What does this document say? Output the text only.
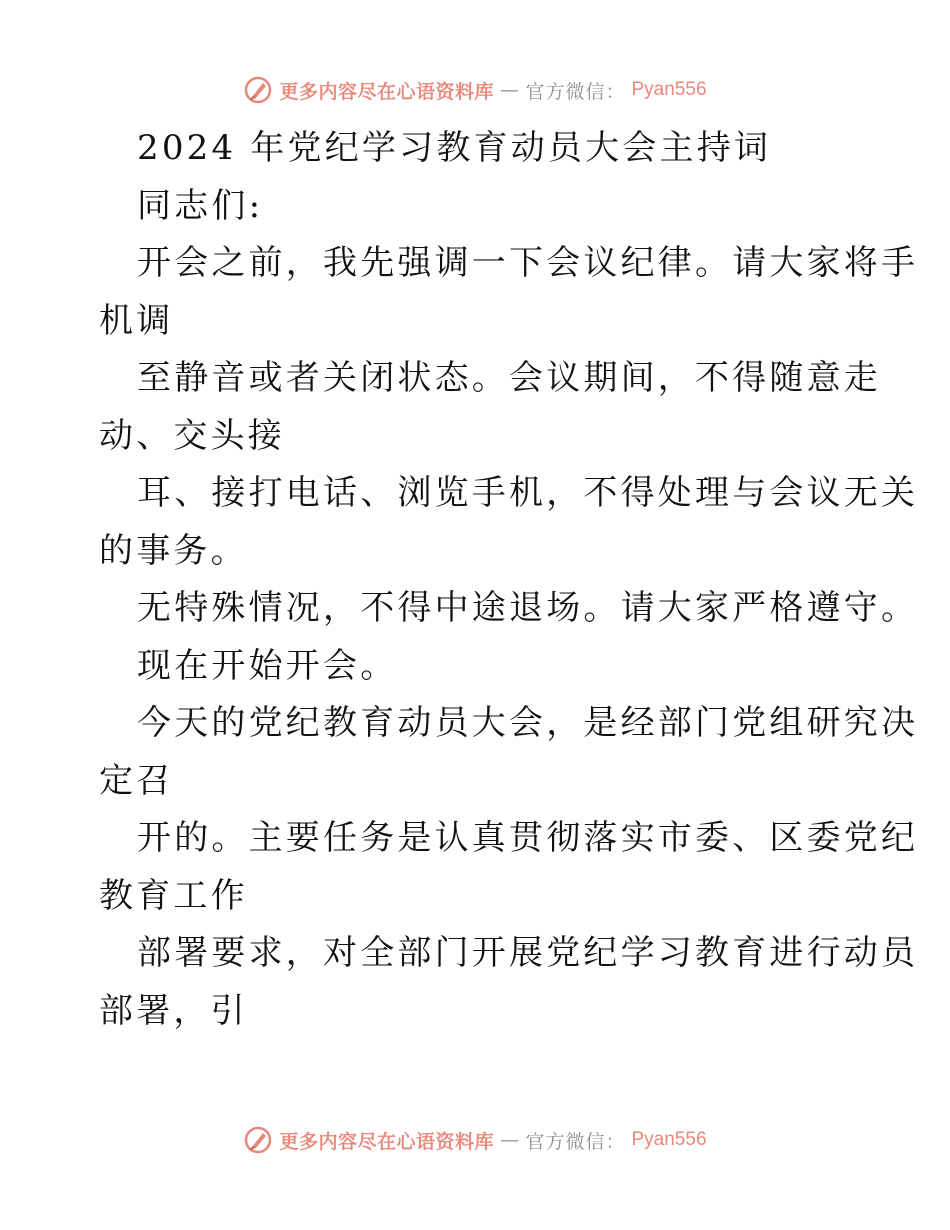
更多内容尽在心语资料库 — 官方微信： Pyan556
2024 年党纪学习教育动员大会主持词
同志们:
开会之前，我先强调一下会议纪律。请大家将手
机调
至静音或者关闭状态。会议期间，不得随意走
动、交头接
耳、接打电话、浏览手机，不得处理与会议无关
的事务。
无特殊情况，不得中途退场。请大家严格遵守。
现在开始开会。
今天的党纪教育动员大会，是经部门党组研究决
定召
开的。主要任务是认真贯彻落实市委、区委党纪
教育工作
部署要求，对全部门开展党纪学习教育进行动员
部署，引
更多内容尽在心语资料库 — 官方微信： Pyan556
